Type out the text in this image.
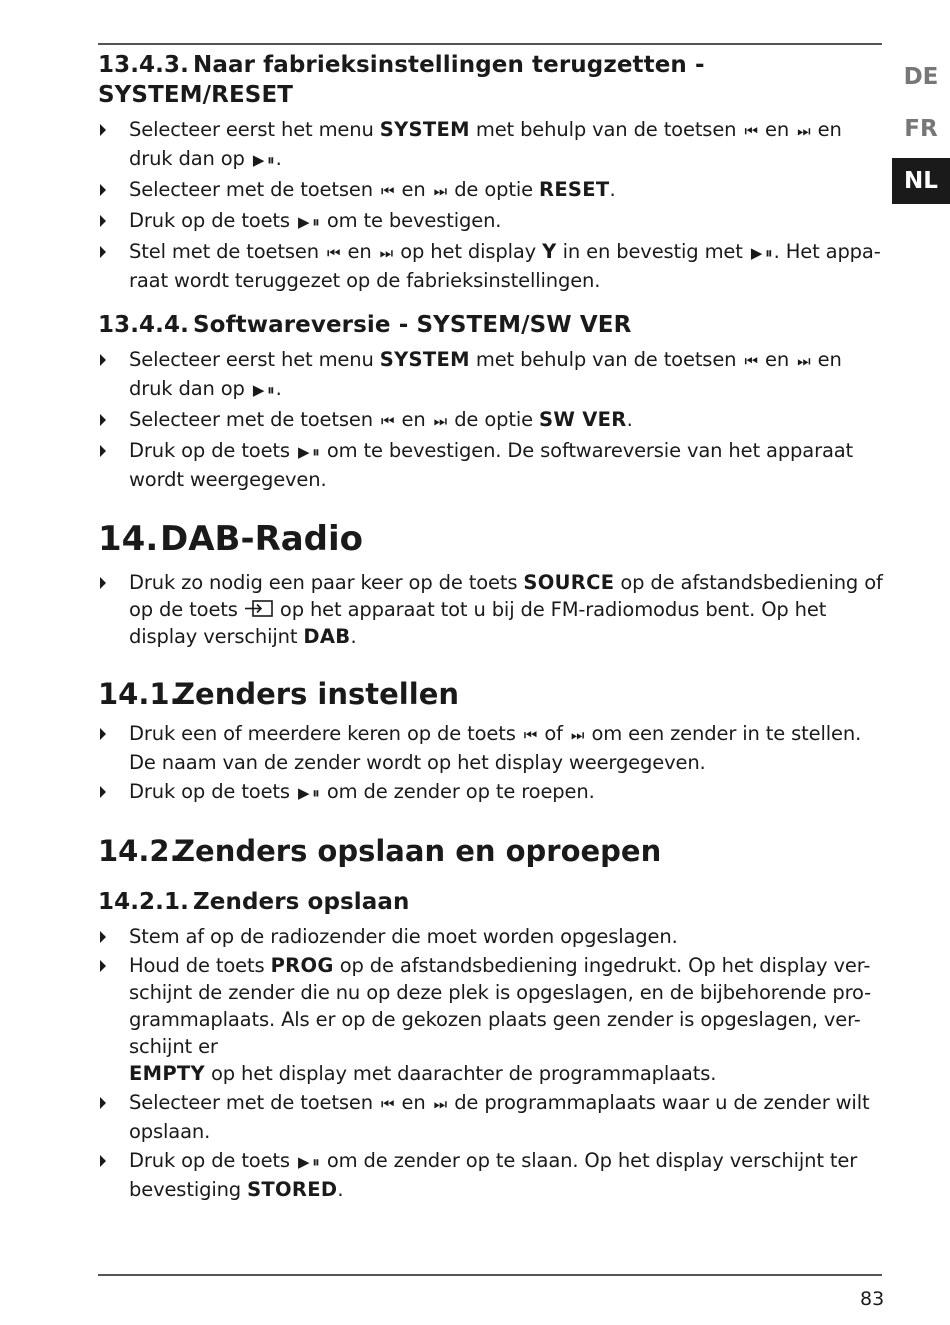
DE
FR
NL
13.4.3. Naar fabrieksinstellingen terugzetten - SYSTEM/RESET
Selecteer eerst het menu SYSTEM met behulp van de toetsen ⏮ en ⏭ en druk dan op ▶ ⏸ .
Selecteer met de toetsen ⏮ en ⏭ de optie RESET.
Druk op de toets ▶ ⏸ om te bevestigen.
Stel met de toetsen ⏮ en ⏭ op het display Y in en bevestig met ▶ ⏸ . Het appa-raat wordt teruggezet op de fabrieksinstellingen.
13.4.4. Softwareversie - SYSTEM/SW VER
Selecteer eerst het menu SYSTEM met behulp van de toetsen ⏮ en ⏭ en druk dan op ▶ ⏸ .
Selecteer met de toetsen ⏮ en ⏭ de optie SW VER.
Druk op de toets ▶ ⏸ om te bevestigen. De softwareversie van het apparaat wordt weergegeven.
14.DAB-Radio
Druk zo nodig een paar keer op de toets SOURCE op de afstandsbediening of op de toets  op het apparaat tot u bij de FM-radiomodus bent. Op het display verschijnt DAB.
14.1.Zenders instellen
Druk een of meerdere keren op de toets ⏮ of ⏭ om een zender in te stellen. De naam van de zender wordt op het display weergegeven.
Druk op de toets ▶ ⏸ om de zender op te roepen.
14.2.Zenders opslaan en oproepen
14.2.1. Zenders opslaan
Stem af op de radiozender die moet worden opgeslagen.
Houd de toets PROG op de afstandsbediening ingedrukt. Op het display ver-schijnt de zender die nu op deze plek is opgeslagen, en de bijbehorende pro-grammaplaats. Als er op de gekozen plaats geen zender is opgeslagen, ver-schijnt er
EMPTY op het display met daarachter de programmaplaats.
Selecteer met de toetsen ⏮ en ⏭ de programmaplaats waar u de zender wilt opslaan.
Druk op de toets ▶ ⏸ om de zender op te slaan. Op het display verschijnt ter bevestiging STORED.
83
